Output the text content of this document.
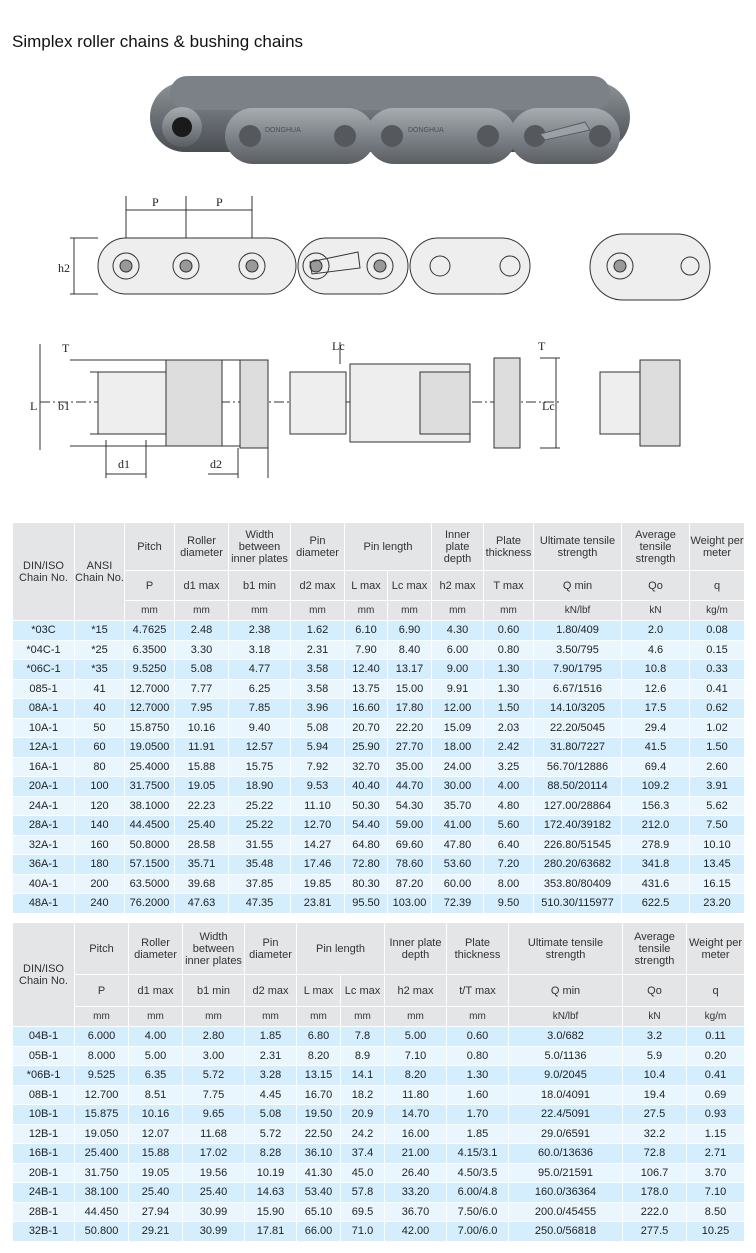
Simplex roller chains & bushing chains
DONGHUA	DONGHUA
P	P
h2
T
L b1
Lc	T
Lc
d1	d2
DIN/ISO Chain No.	ANSI Chain No.	Pitch	Roller diameter	Width between inner plates	Pin diameter	Pin length		Inner plate depth	Plate thickness	Ultimate tensile strength	Average tensile strength	Weight per meter
		P	d1 max	b1 min	d2 max	L max	Lc max	h2 max	T max	Q min	Qo	q
		mm	mm	mm	mm	mm	mm	mm	mm	kN/lbf	kN	kg/m
*03C	*15	4.7625	2.48	2.38	1.62	6.10	6.90	4.30	0.60	1.80/409	2.0	0.08
*04C-1	*25	6.3500	3.30	3.18	2.31	7.90	8.40	6.00	0.80	3.50/795	4.6	0.15
*06C-1	*35	9.5250	5.08	4.77	3.58	12.40	13.17	9.00	1.30	7.90/1795	10.8	0.33
085-1	41	12.7000	7.77	6.25	3.58	13.75	15.00	9.91	1.30	6.67/1516	12.6	0.41
08A-1	40	12.7000	7.95	7.85	3.96	16.60	17.80	12.00	1.50	14.10/3205	17.5	0.62
10A-1	50	15.8750	10.16	9.40	5.08	20.70	22.20	15.09	2.03	22.20/5045	29.4	1.02
12A-1	60	19.0500	11.91	12.57	5.94	25.90	27.70	18.00	2.42	31.80/7227	41.5	1.50
16A-1	80	25.4000	15.88	15.75	7.92	32.70	35.00	24.00	3.25	56.70/12886	69.4	2.60
20A-1	100	31.7500	19.05	18.90	9.53	40.40	44.70	30.00	4.00	88.50/20114	109.2	3.91
24A-1	120	38.1000	22.23	25.22	11.10	50.30	54.30	35.70	4.80	127.00/28864	156.3	5.62
28A-1	140	44.4500	25.40	25.22	12.70	54.40	59.00	41.00	5.60	172.40/39182	212.0	7.50
32A-1	160	50.8000	28.58	31.55	14.27	64.80	69.60	47.80	6.40	226.80/51545	278.9	10.10
36A-1	180	57.1500	35.71	35.48	17.46	72.80	78.60	53.60	7.20	280.20/63682	341.8	13.45
40A-1	200	63.5000	39.68	37.85	19.85	80.30	87.20	60.00	8.00	353.80/80409	431.6	16.15
48A-1	240	76.2000	47.63	47.35	23.81	95.50	103.00	72.39	9.50	510.30/115977	622.5	23.20
DIN/ISO Chain No.	Pitch	Roller diameter	Width between inner plates	Pin diameter	Pin length		Inner plate depth	Plate thickness	Ultimate tensile strength	Average tensile strength	Weight per meter
	P	d1 max	b1 min	d2 max	L max	Lc max	h2 max	t/T max	Q min	Qo	q
	mm	mm	mm	mm	mm	mm	mm	mm	kN/lbf	kN	kg/m
04B-1	6.000	4.00	2.80	1.85	6.80	7.8	5.00	0.60	3.0/682	3.2	0.11
05B-1	8.000	5.00	3.00	2.31	8.20	8.9	7.10	0.80	5.0/1136	5.9	0.20
*06B-1	9.525	6.35	5.72	3.28	13.15	14.1	8.20	1.30	9.0/2045	10.4	0.41
08B-1	12.700	8.51	7.75	4.45	16.70	18.2	11.80	1.60	18.0/4091	19.4	0.69
10B-1	15.875	10.16	9.65	5.08	19.50	20.9	14.70	1.70	22.4/5091	27.5	0.93
12B-1	19.050	12.07	11.68	5.72	22.50	24.2	16.00	1.85	29.0/6591	32.2	1.15
16B-1	25.400	15.88	17.02	8.28	36.10	37.4	21.00	4.15/3.1	60.0/13636	72.8	2.71
20B-1	31.750	19.05	19.56	10.19	41.30	45.0	26.40	4.50/3.5	95.0/21591	106.7	3.70
24B-1	38.100	25.40	25.40	14.63	53.40	57.8	33.20	6.00/4.8	160.0/36364	178.0	7.10
28B-1	44.450	27.94	30.99	15.90	65.10	69.5	36.70	7.50/6.0	200.0/45455	222.0	8.50
32B-1	50.800	29.21	30.99	17.81	66.00	71.0	42.00	7.00/6.0	250.0/56818	277.5	10.25
